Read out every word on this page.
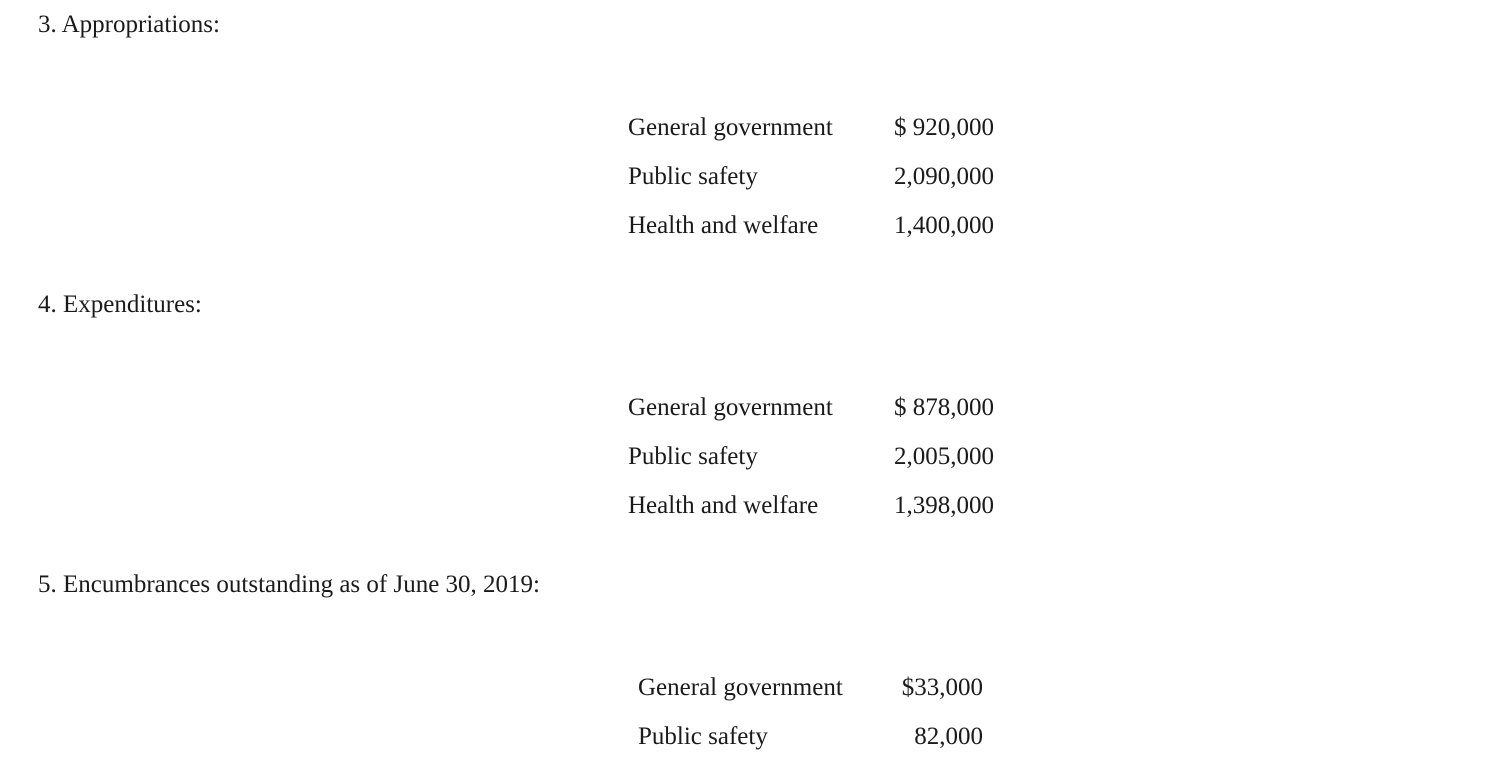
3. Appropriations:
General government	$ 920,000
Public safety	2,090,000
Health and welfare	1,400,000
4. Expenditures:
General government	$ 878,000
Public safety	2,005,000
Health and welfare	1,398,000
5. Encumbrances outstanding as of June 30, 2019:
General government	$33,000
Public safety	82,000
